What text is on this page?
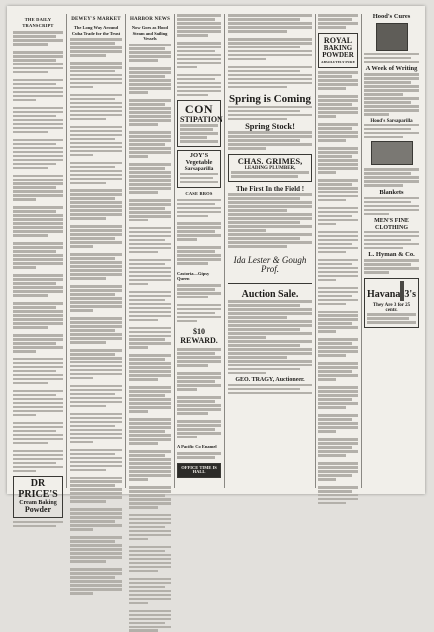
THE DAILY TRANSCRIPT
DR PRICE'S
Cream Baking
Powder
DEWEY'S MARKET
The Long Way Around Cuba Trade for the Trust
HARBOR NEWS
Now Goes as Hood Steam and Sailing Vessels
CON
STIPATION
JOY'S Vegetable
Sarsaparilla
CASE BROS
Castoria—Gipsy Queen
$10 REWARD.
A Pacific Co Enamel
OFFICE TIME IS HALL
Spring is Coming
Spring Stock!
CHAS. GRIMES,
LEADING PLUMBER,
The First In the Field !
Ida Lester & Gough Prof.
Auction Sale.
GEO. TRAGY, Auctioneer.
ROYAL
BAKING
POWDER
ABSOLUTELY PURE
Hood's Cures
A Week of Writing
Hood's Sarsaparilla
Blankets
MEN'S FINE CLOTHING
L. Hyman & Co.
Havana 3's
They Are 3 for 25 centr.
